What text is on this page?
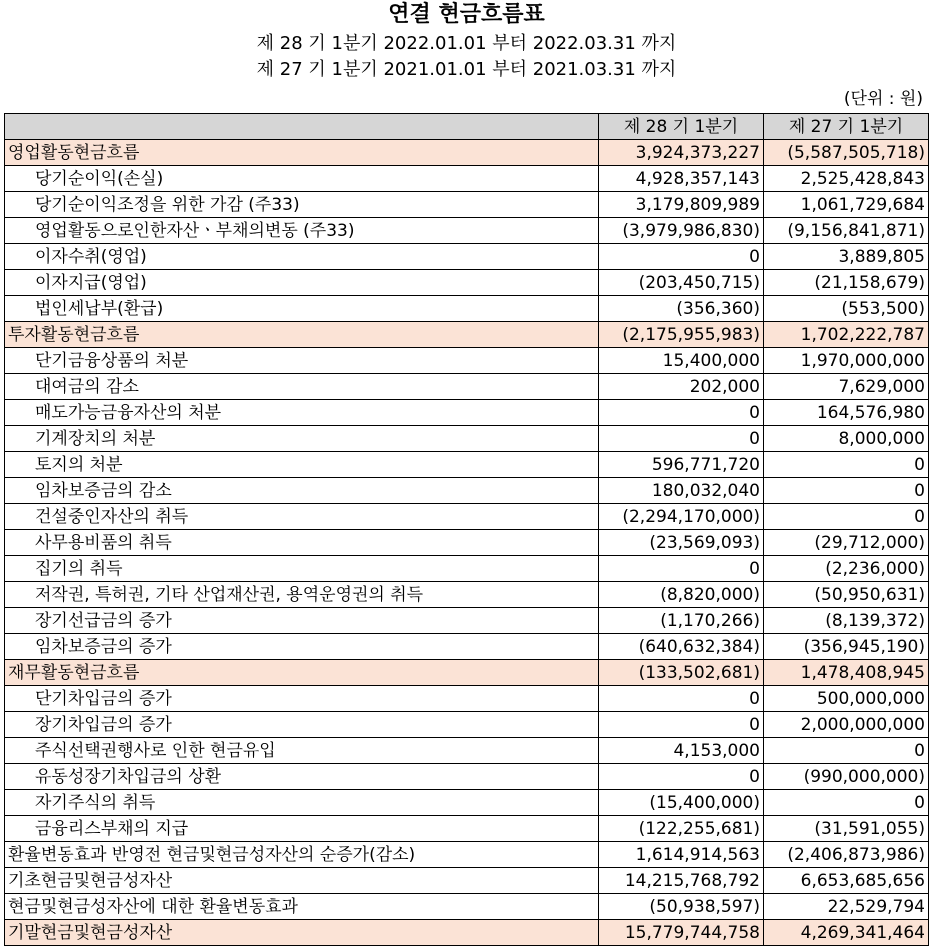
연결 현금흐름표
제 28 기 1분기 2022.01.01 부터 2022.03.31 까지
제 27 기 1분기 2021.01.01 부터 2021.03.31 까지
(단위 : 원)
	제 28 기 1분기	제 27 기 1분기
영업활동현금흐름	3,924,373,227	(5,587,505,718)
당기순이익(손실)	4,928,357,143	2,525,428,843
당기순이익조정을 위한 가감 (주33)	3,179,809,989	1,061,729,684
영업활동으로인한자산ㆍ부채의변동 (주33)	(3,979,986,830)	(9,156,841,871)
이자수취(영업)	0	3,889,805
이자지급(영업)	(203,450,715)	(21,158,679)
법인세납부(환급)	(356,360)	(553,500)
투자활동현금흐름	(2,175,955,983)	1,702,222,787
단기금융상품의 처분	15,400,000	1,970,000,000
대여금의 감소	202,000	7,629,000
매도가능금융자산의 처분	0	164,576,980
기계장치의 처분	0	8,000,000
토지의 처분	596,771,720	0
임차보증금의 감소	180,032,040	0
건설중인자산의 취득	(2,294,170,000)	0
사무용비품의 취득	(23,569,093)	(29,712,000)
집기의 취득	0	(2,236,000)
저작권, 특허권, 기타 산업재산권, 용역운영권의 취득	(8,820,000)	(50,950,631)
장기선급금의 증가	(1,170,266)	(8,139,372)
임차보증금의 증가	(640,632,384)	(356,945,190)
재무활동현금흐름	(133,502,681)	1,478,408,945
단기차입금의 증가	0	500,000,000
장기차입금의 증가	0	2,000,000,000
주식선택권행사로 인한 현금유입	4,153,000	0
유동성장기차입금의 상환	0	(990,000,000)
자기주식의 취득	(15,400,000)	0
금융리스부채의 지급	(122,255,681)	(31,591,055)
환율변동효과 반영전 현금및현금성자산의 순증가(감소)	1,614,914,563	(2,406,873,986)
기초현금및현금성자산	14,215,768,792	6,653,685,656
현금및현금성자산에 대한 환율변동효과	(50,938,597)	22,529,794
기말현금및현금성자산	15,779,744,758	4,269,341,464
